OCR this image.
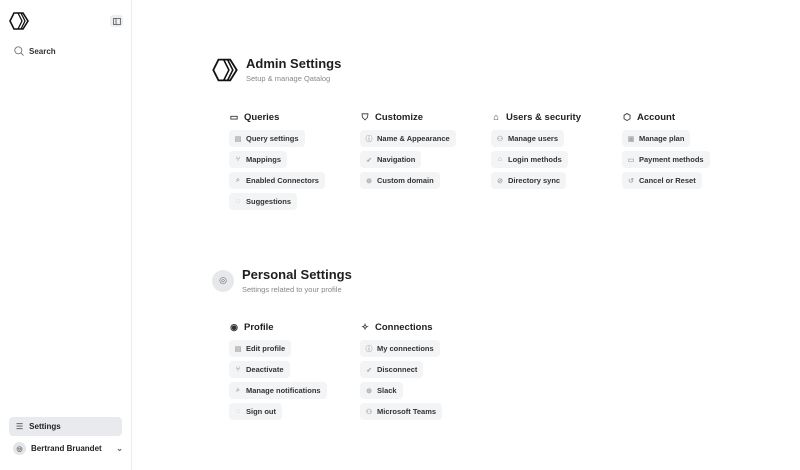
Search
☰ Settings
◎	Bertrand Bruandet ⌄
Admin Settings
Setup & manage Qatalog
▭ Queries
▤ Query settings
⑂ Mappings
⌕ Enabled Connectors
◌ Suggestions
⛉ Customize
ⓘ Name & Appearance
➶ Navigation
⊕ Custom domain
⌂ Users & security
⚇ Manage users
⌂ Login methods
⊘ Directory sync
⬡ Account
▣ Manage plan
▭ Payment methods
↺ Cancel or Reset
◎	Personal Settings
Settings related to your profile
◉ Profile
▤ Edit profile
⑂ Deactivate
⌕ Manage notifications
◌ Sign out
✧ Connections
ⓘ My connections
➶ Disconnect
⊕ Slack
⚇ Microsoft Teams
